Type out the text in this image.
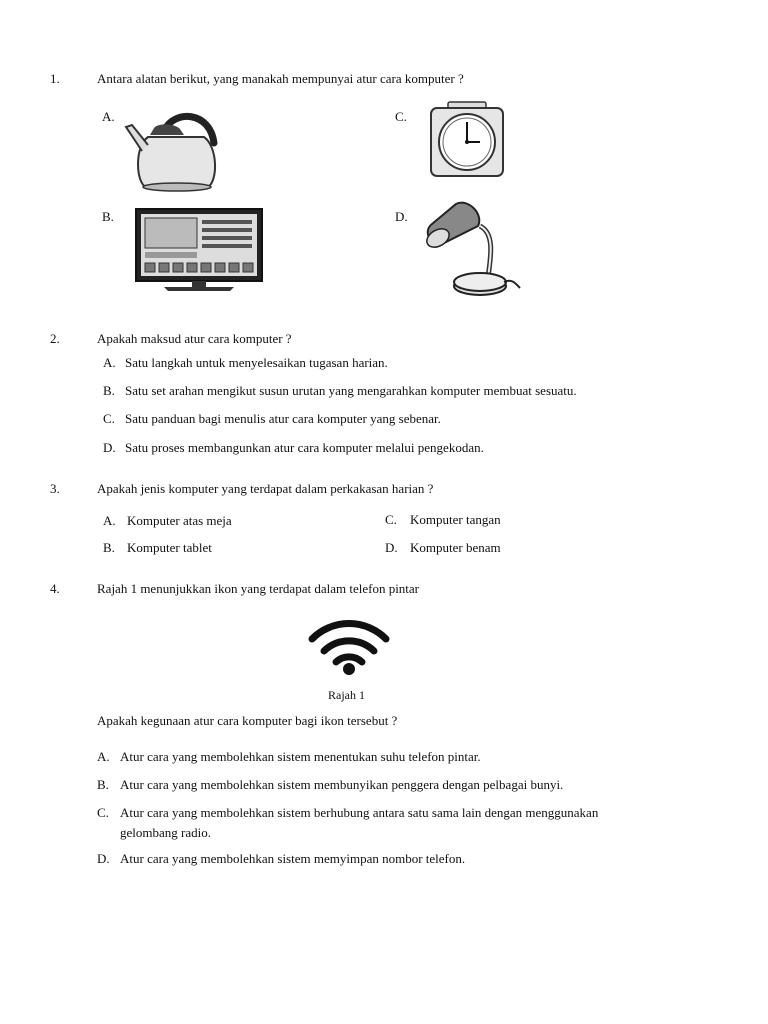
1.	Antara alatan berikut, yang manakah mempunyai atur cara komputer ?
A.	C.
B.	D.
2.	Apakah maksud atur cara komputer ?
A. Satu langkah untuk menyelesaikan tugasan harian.
B. Satu set arahan mengikut susun urutan yang mengarahkan komputer membuat sesuatu.
C. Satu panduan bagi menulis atur cara komputer yang sebenar.
D. Satu proses membangunkan atur cara komputer melalui pengekodan.
3.	Apakah jenis komputer yang terdapat dalam perkakasan harian ?
A. Komputer atas meja	C. Komputer tangan
B. Komputer tablet	D. Komputer benam
4.	Rajah 1 menunjukkan ikon yang terdapat dalam telefon pintar
Rajah 1
Apakah kegunaan atur cara komputer bagi ikon tersebut ?
A. Atur cara yang membolehkan sistem menentukan suhu telefon pintar.
B. Atur cara yang membolehkan sistem membunyikan penggera dengan pelbagai bunyi.
C. Atur cara yang membolehkan sistem berhubung antara satu sama lain dengan menggunakan
gelombang radio.
D. Atur cara yang membolehkan sistem memyimpan nombor telefon.
